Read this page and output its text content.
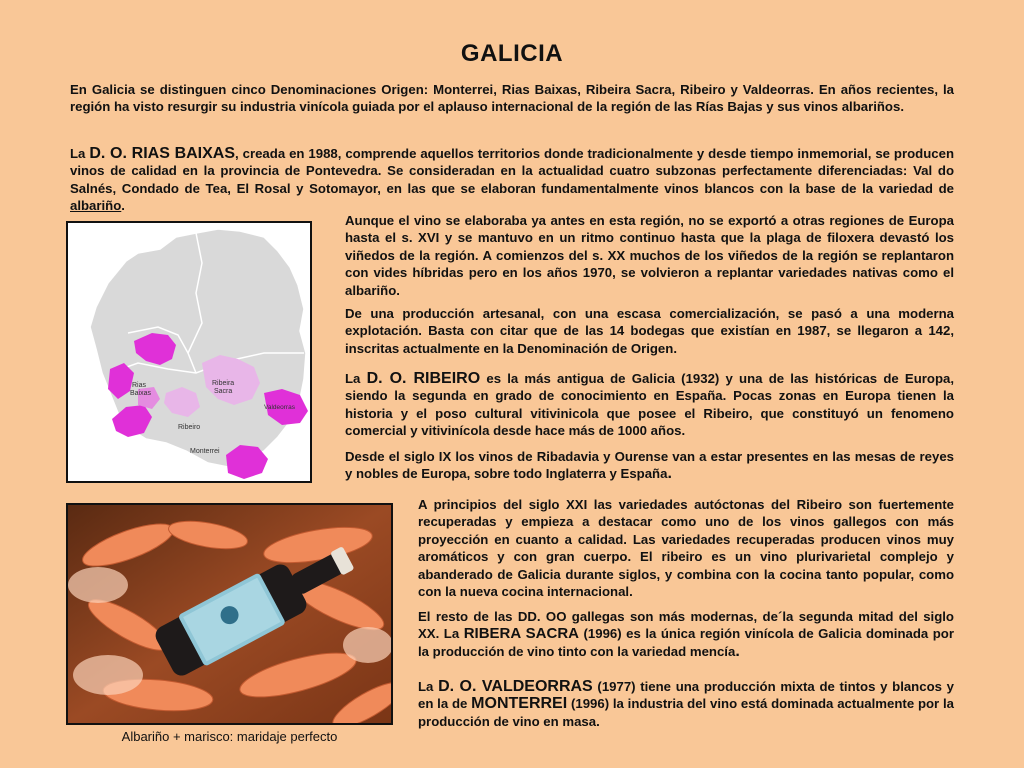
GALICIA

En Galicia se distinguen cinco Denominaciones Origen: Monterrei, Rias Baixas, Ribeira Sacra, Ribeiro y Valdeorras. En años recientes, la región ha visto resurgir su industria vinícola guiada por el aplauso internacional de la región de las Rías Bajas y sus vinos albariños.

La D. O. RIAS BAIXAS, creada en 1988, comprende aquellos territorios donde tradicionalmente y desde tiempo inmemorial, se producen vinos de calidad en la provincia de Pontevedra. Se consideradan en la actualidad cuatro subzonas perfectamente diferenciadas: Val do Salnés, Condado de Tea, El Rosal y Sotomayor, en las que se elaboran fundamentalmente vinos blancos con la base de la variedad de albariño.

Rias Baixas
Ribeira Sacra
Valdeorras
Ribeiro
Monterrei

Aunque el vino se elaboraba ya antes en esta región, no se exportó a otras regiones de Europa hasta el s. XVI y se mantuvo en un ritmo continuo hasta que la plaga de filoxera devastó los viñedos de la región. A comienzos del s. XX muchos de los viñedos de la región se replantaron con vides híbridas pero en los años 1970, se volvieron a replantar variedades nativas como el albariño.

De una producción artesanal, con una escasa comercialización, se pasó a una moderna explotación. Basta con citar que de las 14 bodegas que existían en 1987, se llegaron a 142, inscritas actualmente en la Denominación de Origen.

La D. O. RIBEIRO es la más antigua de Galicia (1932) y una de las históricas de Europa, siendo la segunda en grado de conocimiento en España. Pocas zonas en Europa tienen la historia y el poso cultural vitivinicola que posee el Ribeiro, que constituyó un fenomeno comercial y vitivinícola desde hace más de 1000 años.

Desde el siglo IX los vinos de Ribadavia y Ourense van a estar presentes en las mesas de reyes y nobles de Europa, sobre todo Inglaterra y España.

Albariño + marisco: maridaje perfecto

A principios del siglo XXI las variedades autóctonas del Ribeiro son fuertemente recuperadas y empieza a destacar como uno de los vinos gallegos con más proyección en cuanto a calidad. Las variedades recuperadas producen vinos muy aromáticos y con gran cuerpo. El ribeiro es un vino plurivarietal complejo y abanderado de Galicia durante siglos, y combina con la cocina tanto popular, como con la nueva cocina internacional.

El resto de las DD. OO gallegas son más modernas, de´la segunda mitad del siglo XX. La RIBERA SACRA (1996) es la única región vinícola de Galicia dominada por la producción de vino tinto con la variedad mencía.

La D. O. VALDEORRAS (1977) tiene una producción mixta de tintos y blancos y en la de MONTERREI (1996) la industria del vino está dominada actualmente por la producción de vino en masa.
